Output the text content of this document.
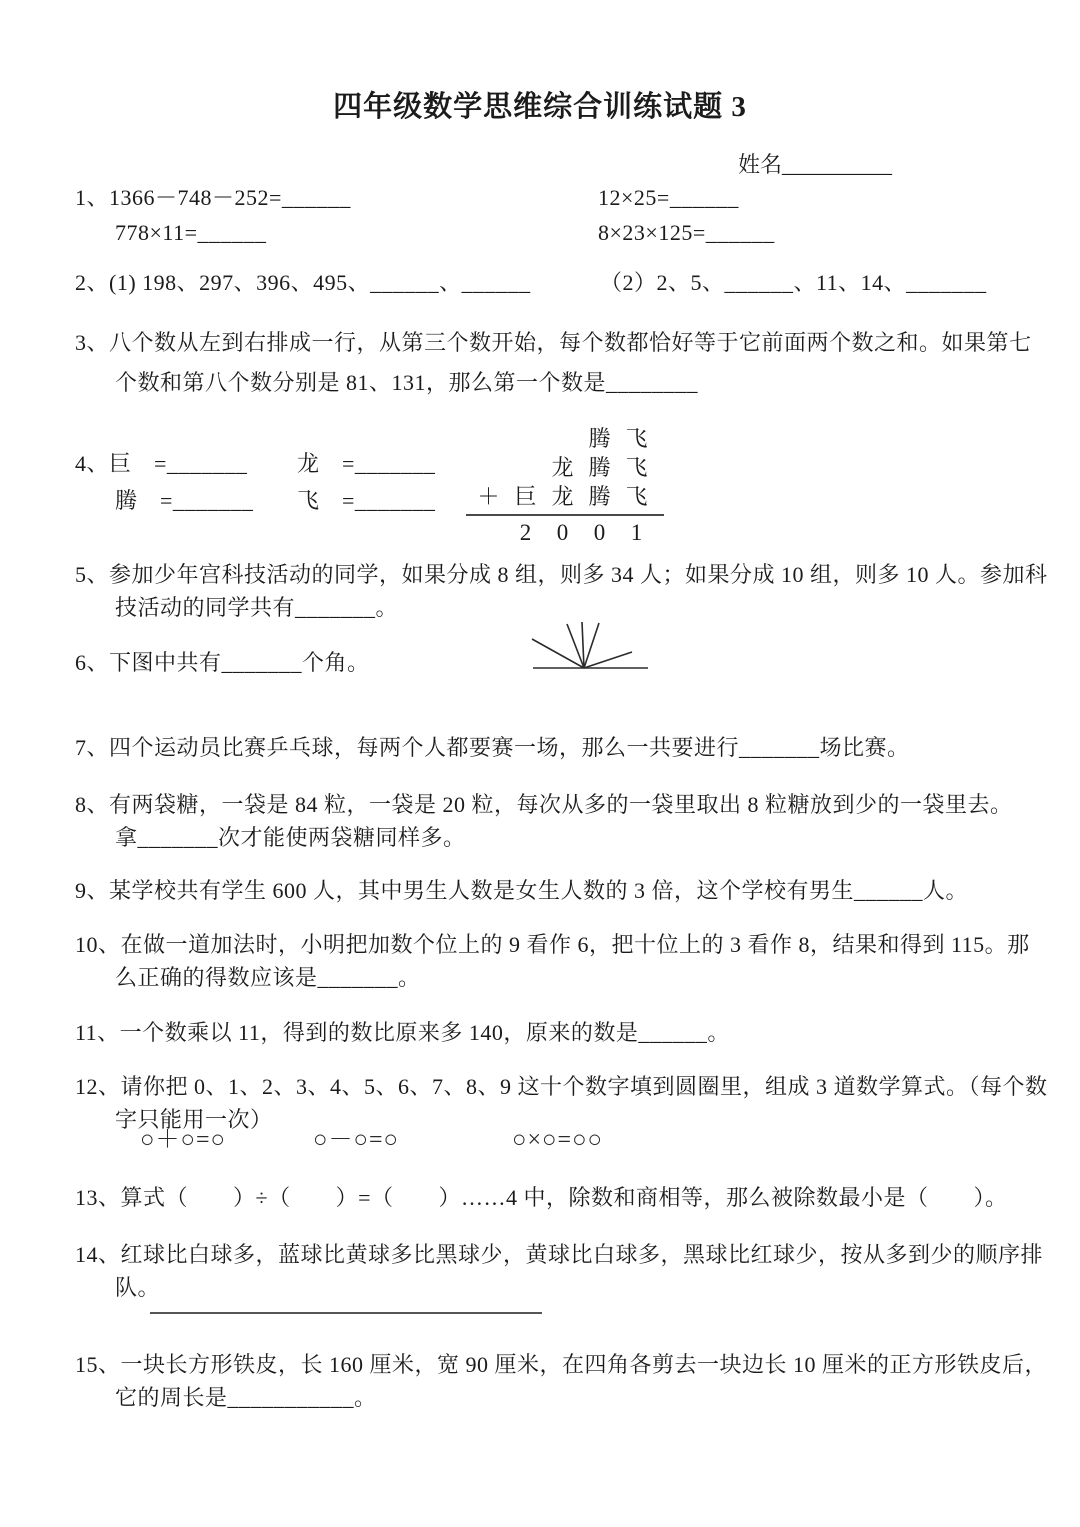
四年级数学思维综合训练试题 3
姓名__________
1、1366－748－252=______	12×25=______
778×11=______	8×23×125=______
2、(1) 198、297、396、495、______、______	（2）2、5、______、11、14、_______
3、八个数从左到右排成一行，从第三个数开始，每个数都恰好等于它前面两个数之和。如果第七
个数和第八个数分别是 81、131，那么第一个数是________
4、巨　=_______ 龙　=_______
腾　=_______ 飞　=_______
腾 飞
龙 腾 飞
＋ 巨 龙 腾 飞
2	0	0	1
5、参加少年宫科技活动的同学，如果分成 8 组，则多 34 人；如果分成 10 组，则多 10 人。参加科
技活动的同学共有_______。
6、下图中共有_______个角。
7、四个运动员比赛乒乓球，每两个人都要赛一场，那么一共要进行_______场比赛。
8、有两袋糖，一袋是 84 粒，一袋是 20 粒，每次从多的一袋里取出 8 粒糖放到少的一袋里去。
拿_______次才能使两袋糖同样多。
9、某学校共有学生 600 人，其中男生人数是女生人数的 3 倍，这个学校有男生______人。
10、在做一道加法时，小明把加数个位上的 9 看作 6，把十位上的 3 看作 8，结果和得到 115。那
么正确的得数应该是_______。
11、一个数乘以 11，得到的数比原来多 140，原来的数是______。
12、请你把 0、1、2、3、4、5、6、7、8、9 这十个数字填到圆圈里，组成 3 道数学算式。（每个数
字只能用一次）
○＋○=○	○－○=○	○×○=○○
13、算式（　　）÷（　　）=（　　）……4 中，除数和商相等，那么被除数最小是（　　）。
14、红球比白球多，蓝球比黄球多比黑球少，黄球比白球多，黑球比红球少，按从多到少的顺序排
队。
15、一块长方形铁皮，长 160 厘米，宽 90 厘米，在四角各剪去一块边长 10 厘米的正方形铁皮后，
它的周长是___________。
